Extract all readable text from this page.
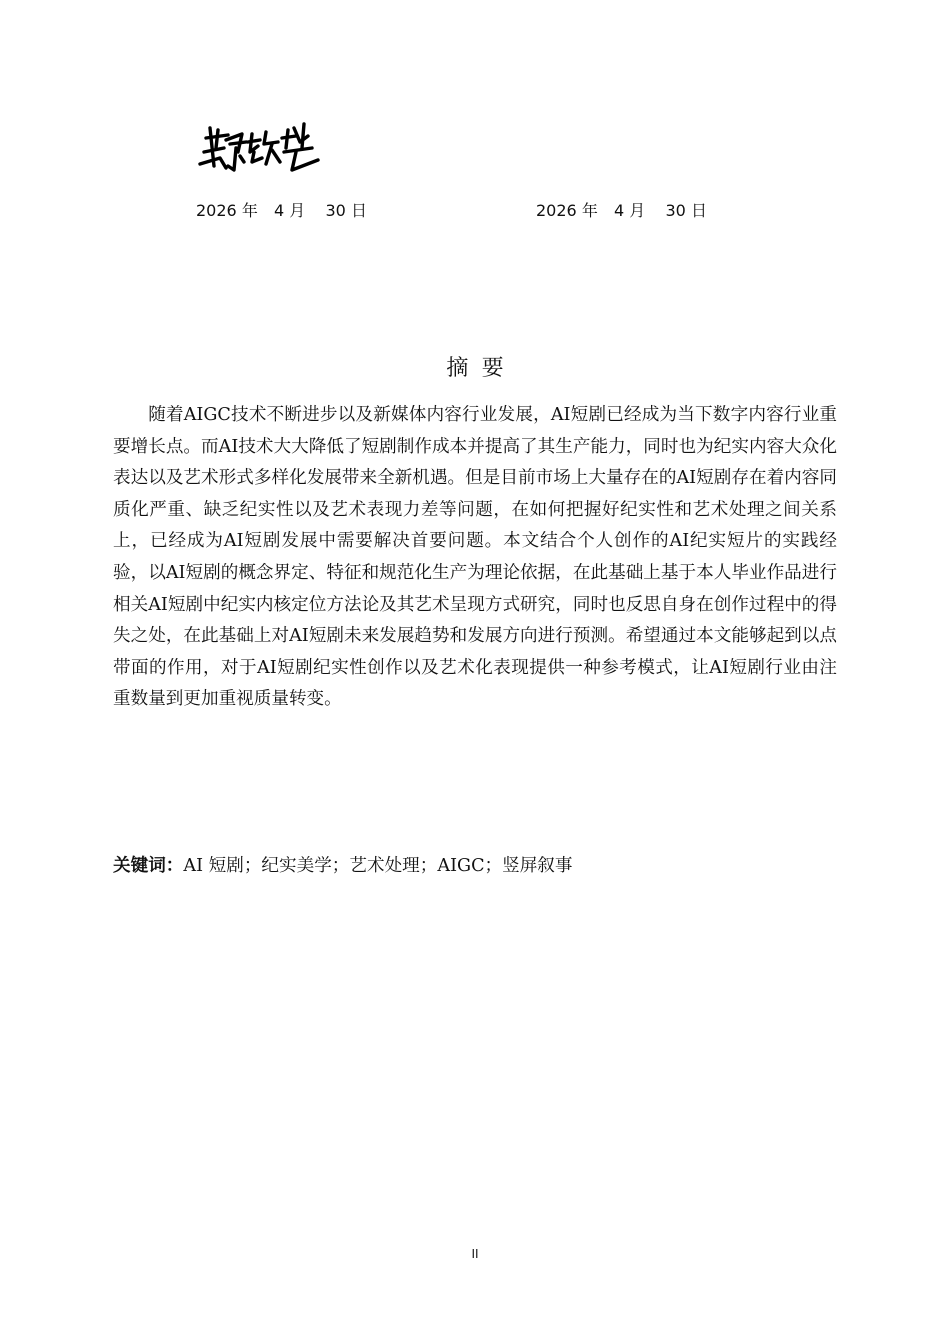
2026 年 4 月 30 日	2026 年 4 月 30 日
摘要

随着AIGC技术不断进步以及新媒体内容行业发展，AI短剧已经成为当下数字内容行业重要增长点。而AI技术大大降低了短剧制作成本并提高了其生产能力，同时也为纪实内容大众化表达以及艺术形式多样化发展带来全新机遇。但是目前市场上大量存在的AI短剧存在着内容同质化严重、缺乏纪实性以及艺术表现力差等问题，在如何把握好纪实性和艺术处理之间关系上，已经成为AI短剧发展中需要解决首要问题。本文结合个人创作的AI纪实短片的实践经验，以AI短剧的概念界定、特征和规范化生产为理论依据，在此基础上基于本人毕业作品进行相关AI短剧中纪实内核定位方法论及其艺术呈现方式研究，同时也反思自身在创作过程中的得失之处，在此基础上对AI短剧未来发展趋势和发展方向进行预测。希望通过本文能够起到以点带面的作用，对于AI短剧纪实性创作以及艺术化表现提供一种参考模式，让AI短剧行业由注重数量到更加重视质量转变。

关键词：AI 短剧；纪实美学；艺术处理；AIGC；竖屏叙事
II
